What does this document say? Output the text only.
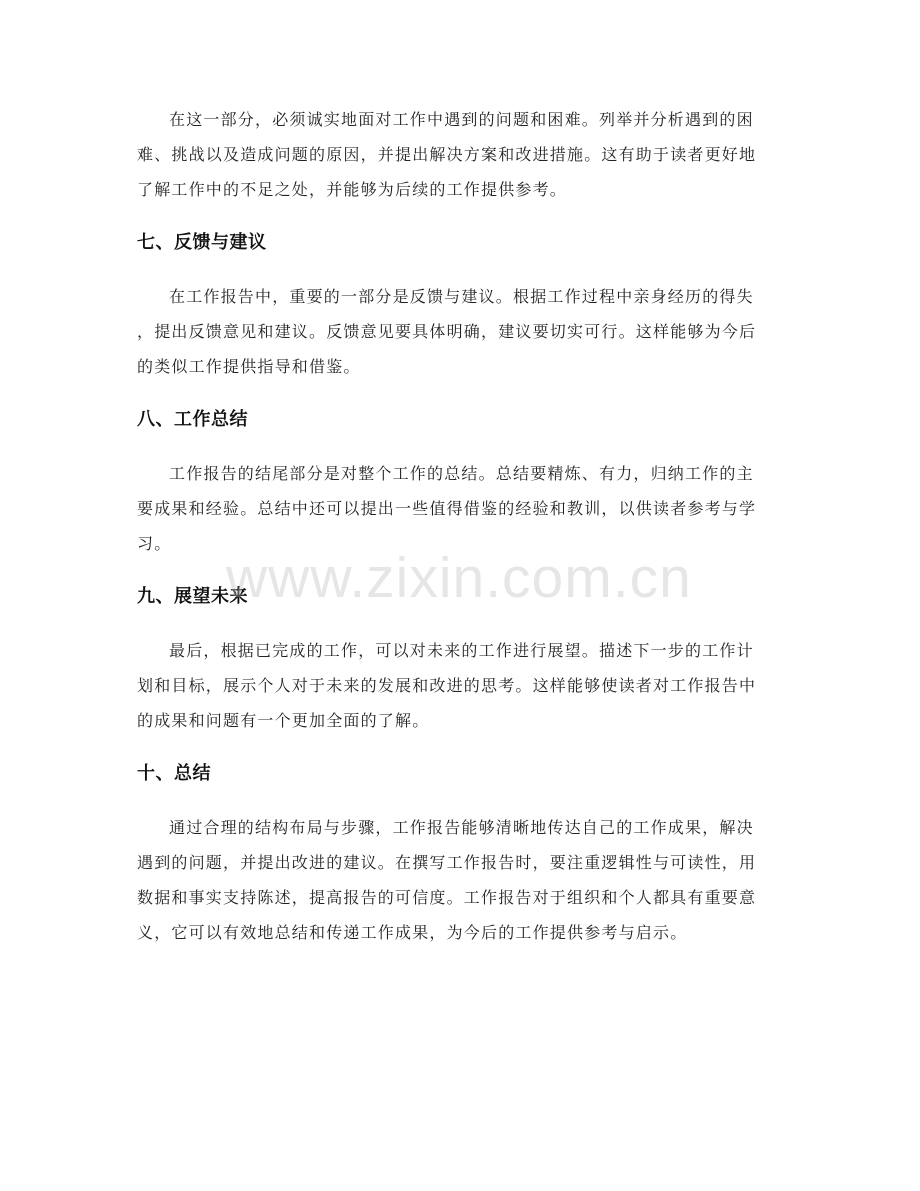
在这一部分，必须诚实地面对工作中遇到的问题和困难。列举并分析遇到的困
难、挑战以及造成问题的原因，并提出解决方案和改进措施。这有助于读者更好地
了解工作中的不足之处，并能够为后续的工作提供参考。

七、反馈与建议

在工作报告中，重要的一部分是反馈与建议。根据工作过程中亲身经历的得失
，提出反馈意见和建议。反馈意见要具体明确，建议要切实可行。这样能够为今后
的类似工作提供指导和借鉴。

八、工作总结

工作报告的结尾部分是对整个工作的总结。总结要精炼、有力，归纳工作的主
要成果和经验。总结中还可以提出一些值得借鉴的经验和教训，以供读者参考与学
习。

九、展望未来

最后，根据已完成的工作，可以对未来的工作进行展望。描述下一步的工作计
划和目标，展示个人对于未来的发展和改进的思考。这样能够使读者对工作报告中
的成果和问题有一个更加全面的了解。

十、总结

通过合理的结构布局与步骤，工作报告能够清晰地传达自己的工作成果，解决
遇到的问题，并提出改进的建议。在撰写工作报告时，要注重逻辑性与可读性，用
数据和事实支持陈述，提高报告的可信度。工作报告对于组织和个人都具有重要意
义，它可以有效地总结和传递工作成果，为今后的工作提供参考与启示。

www.zixin.com.cn
